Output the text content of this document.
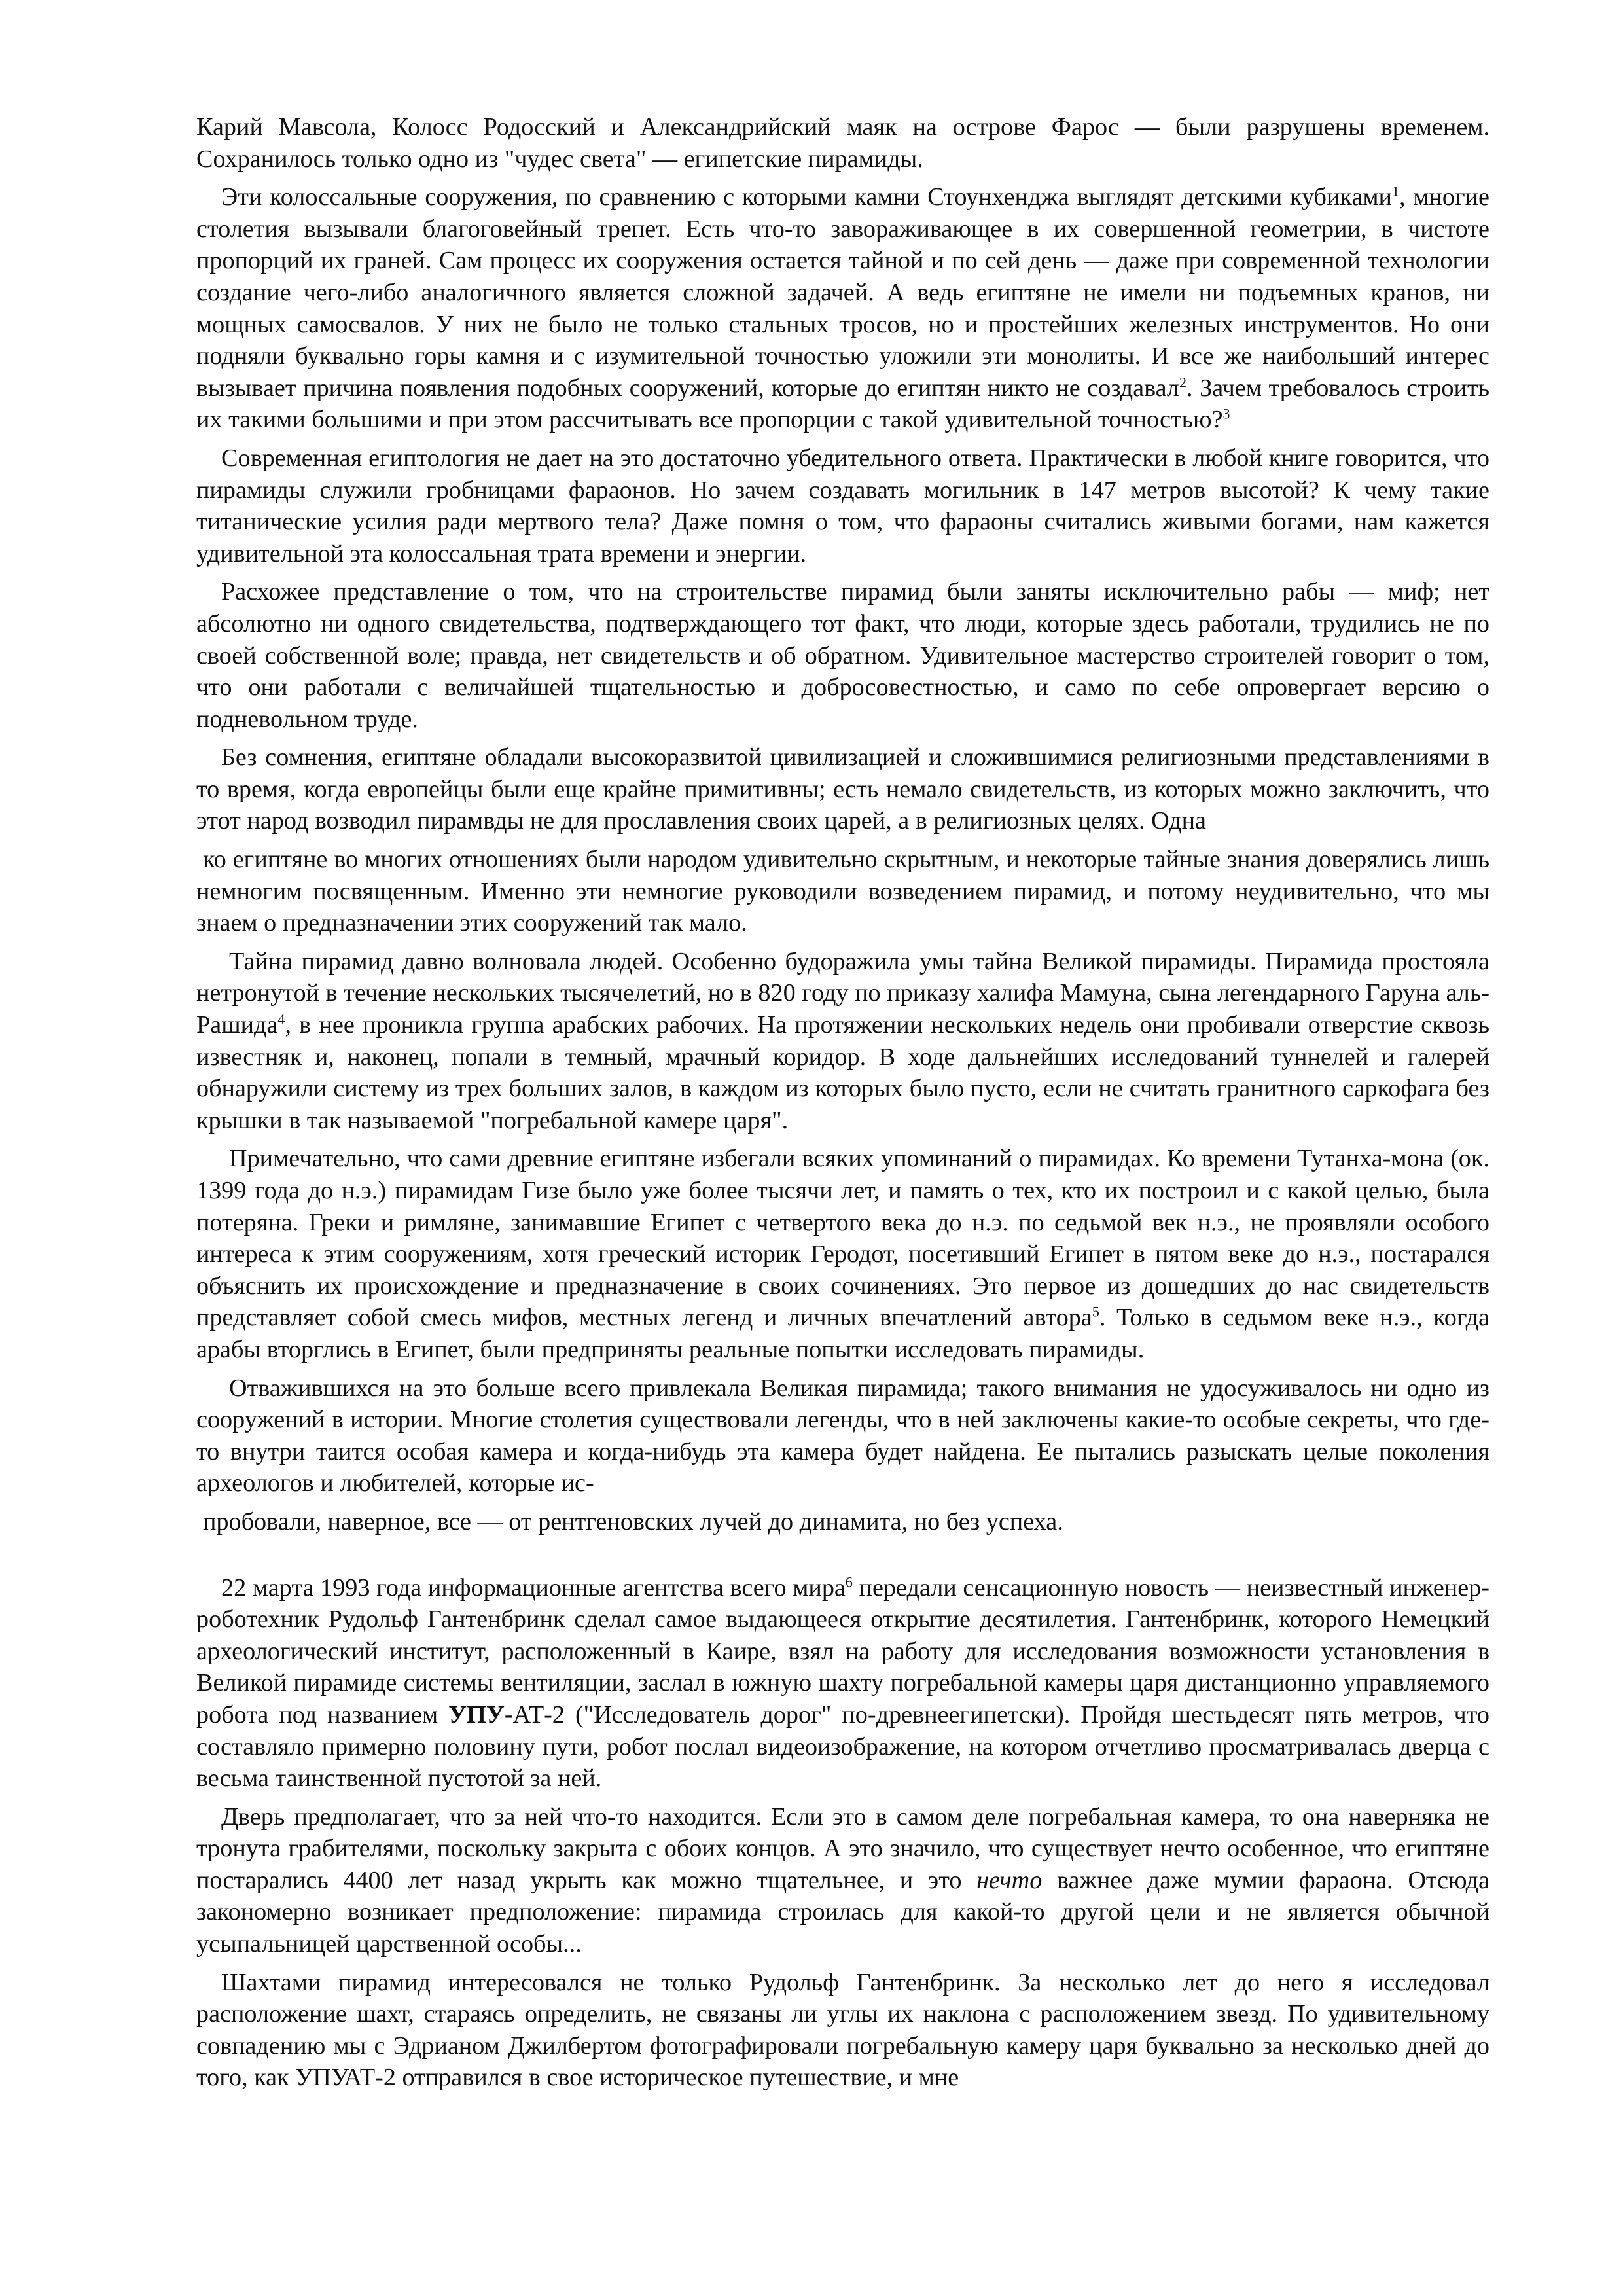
Карий Мавсола, Колосс Родосский и Александрийский маяк на острове Фарос — были разрушены временем. Сохранилось только одно из "чудес света" — египетские пирамиды.

Эти колоссальные сооружения, по сравнению с которыми камни Стоунхенджа выглядят детскими кубиками$^1$, многие столетия вызывали благоговейный трепет. Есть что-то завораживающее в их совершенной геометрии, в чистоте пропорций их граней. Сам процесс их сооружения остается тайной и по сей день — даже при современной технологии создание чего-либо аналогичного является сложной задачей. А ведь египтяне не имели ни подъемных кранов, ни мощных самосвалов. У них не было не только стальных тросов, но и простейших железных инструментов. Но они подняли буквально горы камня и с изумительной точностью уложили эти монолиты. И все же наибольший интерес вызывает причина появления подобных сооружений, которые до египтян никто не создавал$^2$. Зачем требовалось строить их такими большими и при этом рассчитывать все пропорции с такой удивительной точностью?$^3$

Современная египтология не дает на это достаточно убедительного ответа. Практически в любой книге говорится, что пирамиды служили гробницами фараонов. Но зачем создавать могильник в 147 метров высотой? К чему такие титанические усилия ради мертвого тела? Даже помня о том, что фараоны считались живыми богами, нам кажется удивительной эта колоссальная трата времени и энергии.

Расхожее представление о том, что на строительстве пирамид были заняты исключительно рабы — миф; нет абсолютно ни одного свидетельства, подтверждающего тот факт, что люди, которые здесь работали, трудились не по своей собственной воле; правда, нет свидетельств и об обратном. Удивительное мастерство строителей говорит о том, что они работали с величайшей тщательностью и добросовестностью, и само по себе опровергает версию о подневольном труде.

Без сомнения, египтяне обладали высокоразвитой цивилизацией и сложившимися религиозными представлениями в то время, когда европейцы были еще крайне примитивны; есть немало свидетельств, из которых можно заключить, что этот народ возводил пирамвды не для прославления своих царей, а в религиозных целях. Одна

ко египтяне во многих отношениях были народом удивительно скрытным, и некоторые тайные знания доверялись лишь немногим посвященным. Именно эти немногие руководили возведением пирамид, и потому неудивительно, что мы знаем о предназначении этих сооружений так мало.

Тайна пирамид давно волновала людей. Особенно будоражила умы тайна Великой пирамиды. Пирамида простояла нетронутой в течение нескольких тысячелетий, но в 820 году по приказу халифа Мамуна, сына легендарного Гаруна аль-Рашида$^4$, в нее проникла группа арабских рабочих. На протяжении нескольких недель они пробивали отверстие сквозь известняк и, наконец, попали в темный, мрачный коридор. В ходе дальнейших исследований туннелей и галерей обнаружили систему из трех больших залов, в каждом из которых было пусто, если не считать гранитного саркофага без крышки в так называемой "погребальной камере царя".

Примечательно, что сами древние египтяне избегали всяких упоминаний о пирамидах. Ко времени Тутанха-мона (ок. 1399 года до н.э.) пирамидам Гизе было уже более тысячи лет, и память о тех, кто их построил и с какой целью, была потеряна. Греки и римляне, занимавшие Египет с четвертого века до н.э. по седьмой век н.э., не проявляли особого интереса к этим сооружениям, хотя греческий историк Геродот, посетивший Египет в пятом веке до н.э., постарался объяснить их происхождение и предназначение в своих сочинениях. Это первое из дошедших до нас свидетельств представляет собой смесь мифов, местных легенд и личных впечатлений автора$^5$. Только в седьмом веке н.э., когда арабы вторглись в Египет, были предприняты реальные попытки исследовать пирамиды.

Отважившихся на это больше всего привлекала Великая пирамида; такого внимания не удосуживалось ни одно из сооружений в истории. Многие столетия существовали легенды, что в ней заключены какие-то особые секреты, что где-то внутри таится особая камера и когда-нибудь эта камера будет найдена. Ее пытались разыскать целые поколения археологов и любителей, которые ис-

пробовали, наверное, все — от рентгеновских лучей до динамита, но без успеха.

22 марта 1993 года информационные агентства всего мира$^6$ передали сенсационную новость — неизвестный инженер-роботехник Рудольф Гантенбринк сделал самое выдающееся открытие десятилетия. Гантенбринк, которого Немецкий археологический институт, расположенный в Каире, взял на работу для исследования возможности установления в Великой пирамиде системы вентиляции, заслал в южную шахту погребальной камеры царя дистанционно управляемого робота под названием УПУ-АТ-2 ("Исследователь дорог" по-древнеегипетски). Пройдя шестьдесят пять метров, что составляло примерно половину пути, робот послал видеоизображение, на котором отчетливо просматривалась дверца с весьма таинственной пустотой за ней.

Дверь предполагает, что за ней что-то находится. Если это в самом деле погребальная камера, то она наверняка не тронута грабителями, поскольку закрыта с обоих концов. А это значило, что существует нечто особенное, что египтяне постарались 4400 лет назад укрыть как можно тщательнее, и это нечто важнее даже мумии фараона. Отсюда закономерно возникает предположение: пирамида строилась для какой-то другой цели и не является обычной усыпальницей царственной особы...

Шахтами пирамид интересовался не только Рудольф Гантенбринк. За несколько лет до него я исследовал расположение шахт, стараясь определить, не связаны ли углы их наклона с расположением звезд. По удивительному совпадению мы с Эдрианом Джилбертом фотографировали погребальную камеру царя буквально за несколько дней до того, как УПУАТ-2 отправился в свое историческое путешествие, и мне
